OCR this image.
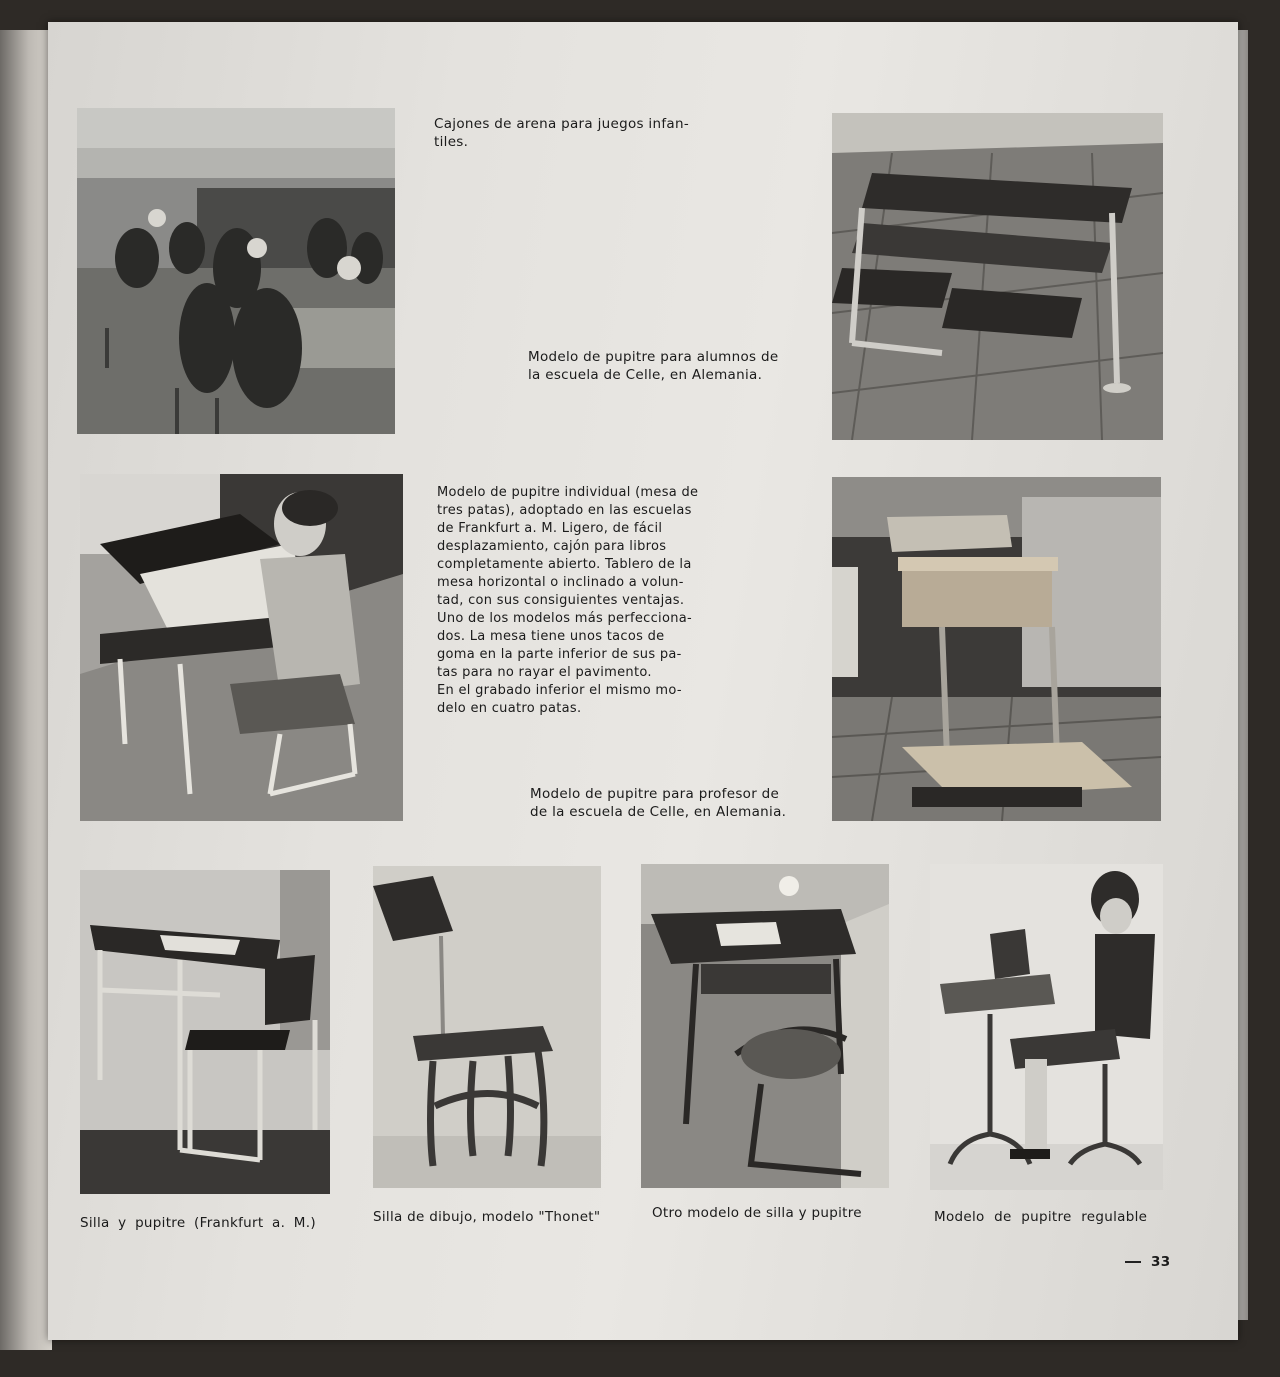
Cajones de arena para juegos infan-
tiles.
Modelo de pupitre para alumnos de
la escuela de Celle, en Alemania.
Modelo de pupitre individual (mesa de
tres patas), adoptado en las escuelas
de Frankfurt a. M. Ligero, de fácil
desplazamiento, cajón para libros
completamente abierto. Tablero de la
mesa horizontal o inclinado a volun-
tad, con sus consiguientes ventajas.
Uno de los modelos más perfecciona-
dos. La mesa tiene unos tacos de
goma en la parte inferior de sus pa-
tas para no rayar el pavimento.
En el grabado inferior el mismo mo-
delo en cuatro patas.
Modelo de pupitre para profesor de
de la escuela de Celle, en Alemania.
Silla y pupitre (Frankfurt a. M.)	Silla de dibujo, modelo "Thonet"	Otro modelo de silla y pupitre	Modelo de pupitre regulable
33
